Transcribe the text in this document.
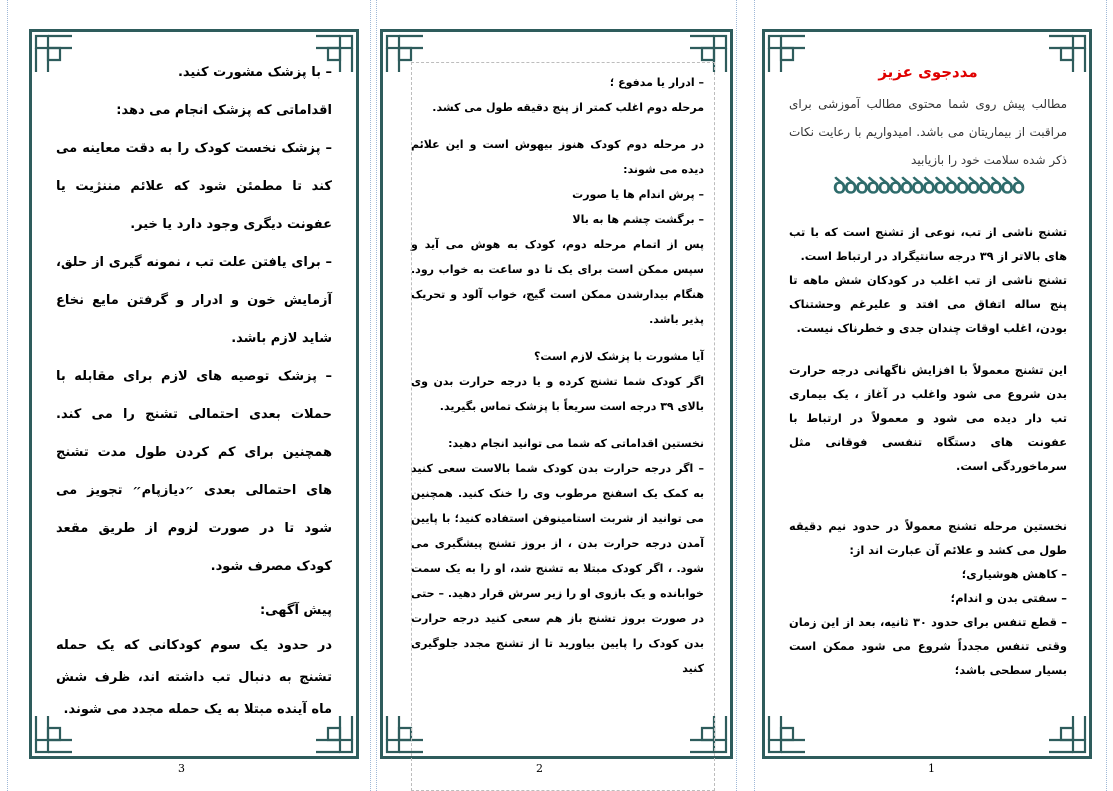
مددجوی عزیز

مطالب پیش روی شما محتوی مطالب آموزشی برای مراقبت از بیماریتان می باشد. امیدواریم با رعایت نکات ذکر شده سلامت خود را بازیابید

ꝺꝺꝺꝺꝺꝺꝺꝺꝺꝺꝺꝺꝺꝺꝺꝺꝺ

تشنج ناشی از تب، نوعی از تشنج است که با تب های بالاتر از ۳۹ درجه سانتیگراد در ارتباط است.

تشنج ناشی از تب اغلب در کودکان شش ماهه تا پنج ساله اتفاق می افتد و علیرغم وحشتناک بودن، اغلب اوقات چندان جدی و خطرناک نیست.

این تشنج معمولاً با افزایش ناگهانی درجه حرارت بدن شروع می شود واغلب در آغاز ، یک بیماری تب دار دیده می شود و معمولاً در ارتباط با عفونت های دستگاه تنفسی فوقانی مثل سرماخوردگی است.

نخستین مرحله تشنج معمولاً در حدود نیم دقیقه طول می کشد و علائم آن عبارت اند از:

– کاهش هوشیاری؛

– سفتی بدن و اندام؛

– قطع تنفس برای حدود ۳۰ ثانیه، بعد از این زمان وقتی تنفس مجدداً شروع می شود ممکن است بسیار سطحی باشد؛

– ادرار یا مدفوع ؛

مرحله دوم اغلب کمتر از پنج دقیقه طول می کشد.

در مرحله دوم کودک هنوز بیهوش است و این علائم دیده می شوند:

– پرش اندام ها یا صورت

– برگشت چشم ها به بالا

پس از اتمام مرحله دوم، کودک به هوش می آید و سپس ممکن است برای یک تا دو ساعت به خواب رود. هنگام بیدارشدن ممکن است گیج، خواب آلود و تحریک پذیر باشد.

آیا مشورت با پزشک لازم است؟

اگر کودک شما تشنج کرده و یا درجه حرارت بدن وی بالای ۳۹ درجه است سریعاً با پزشک تماس بگیرید.

نخستین اقداماتی که شما می توانید انجام دهید:

– اگر درجه حرارت بدن کودک شما بالاست سعی کنید به کمک یک اسفنج مرطوب وی را خنک کنید. همچنین می توانید از شربت استامینوفن استفاده کنید؛ با پایین آمدن درجه حرارت بدن ، از بروز تشنج پیشگیری می شود. ، اگر کودک مبتلا به تشنج شد، او را به یک سمت خوابانده و یک بازوی او را زیر سرش قرار دهید. – حتی در صورت بروز تشنج باز هم سعی کنید درجه حرارت بدن کودک را پایین بیاورید تا از تشنج مجدد جلوگیری کنید

– با پزشک مشورت کنید.

اقداماتی که پزشک انجام می دهد:

– پزشک نخست کودک را به دقت معاینه می کند تا مطمئن شود که علائم مننژیت یا عفونت دیگری وجود دارد یا خیر.

– برای یافتن علت تب ، نمونه گیری از حلق، آزمایش خون و ادرار و گرفتن مایع نخاع شاید لازم باشد.

– پزشک توصیه های لازم برای مقابله با حملات بعدی احتمالی تشنج را می کند. همچنین برای کم کردن طول مدت تشنج های احتمالی بعدی ״دیازپام״ تجویز می شود تا در صورت لزوم از طریق مقعد کودک مصرف شود.

پیش آگهی:

در حدود یک سوم کودکانی که یک حمله تشنج به دنبال تب داشته اند، ظرف شش ماه آینده مبتلا به یک حمله مجدد می شوند.

1
2
3
